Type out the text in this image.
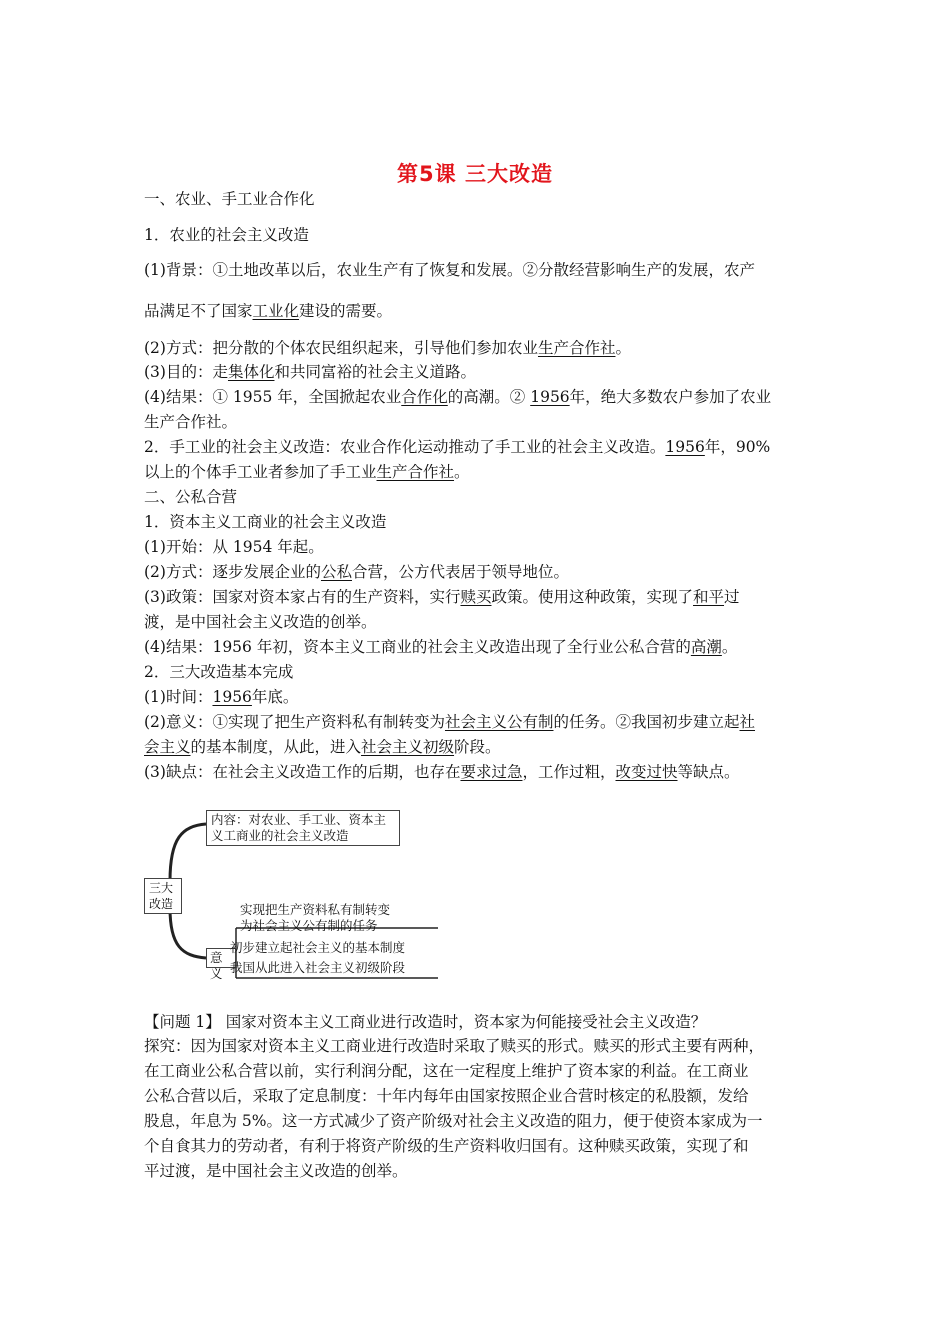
第5课 三大改造
一、农业、手工业合作化
1．农业的社会主义改造
(1)背景：①土地改革以后，农业生产有了恢复和发展。②分散经营影响生产的发展，农产
品满足不了国家工业化建设的需要。
(2)方式：把分散的个体农民组织起来，引导他们参加农业生产合作社。
(3)目的：走集体化和共同富裕的社会主义道路。
(4)结果：① 1955 年，全国掀起农业合作化的高潮。② 1956年，绝大多数农户参加了农业
生产合作社。
2．手工业的社会主义改造：农业合作化运动推动了手工业的社会主义改造。1956年，90%
以上的个体手工业者参加了手工业生产合作社。
二、公私合营
1．资本主义工商业的社会主义改造
(1)开始：从 1954 年起。
(2)方式：逐步发展企业的公私合营，公方代表居于领导地位。
(3)政策：国家对资本家占有的生产资料，实行赎买政策。使用这种政策，实现了和平过
渡，是中国社会主义改造的创举。
(4)结果：1956 年初，资本主义工商业的社会主义改造出现了全行业公私合营的高潮。
2．三大改造基本完成
(1)时间：1956年底。
(2)意义：①实现了把生产资料私有制转变为社会主义公有制的任务。②我国初步建立起社
会主义的基本制度，从此，进入社会主义初级阶段。
(3)缺点：在社会主义改造工作的后期，也存在要求过急，工作过粗，改变过快等缺点。
三大
改造
内容：对农业、手工业、资本主
义工商业的社会主义改造
实现把生产资料私有制转变
为社会主义公有制的任务
意义
初步建立起社会主义的基本制度
我国从此进入社会主义初级阶段
【问题 1】 国家对资本主义工商业进行改造时，资本家为何能接受社会主义改造？
探究：因为国家对资本主义工商业进行改造时采取了赎买的形式。赎买的形式主要有两种，
在工商业公私合营以前，实行利润分配，这在一定程度上维护了资本家的利益。在工商业
公私合营以后，采取了定息制度：十年内每年由国家按照企业合营时核定的私股额，发给
股息，年息为 5%。这一方式减少了资产阶级对社会主义改造的阻力，便于使资本家成为一
个自食其力的劳动者，有利于将资产阶级的生产资料收归国有。这种赎买政策，实现了和
平过渡，是中国社会主义改造的创举。
